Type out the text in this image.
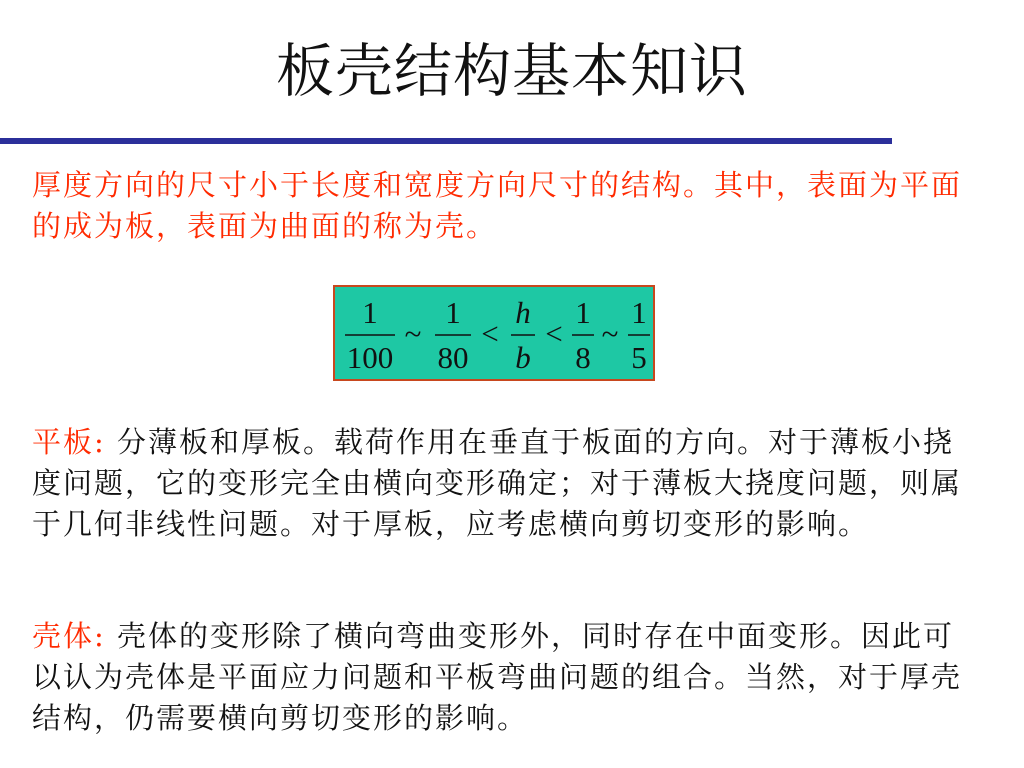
板壳结构基本知识
厚度方向的尺寸小于长度和宽度方向尺寸的结构。其中，表面为平面的成为板，表面为曲面的称为壳。
1
100
~
1
80
<
h
b
<
1
8
~
1
5
平板: 分薄板和厚板。载荷作用在垂直于板面的方向。对于薄板小挠度问题，它的变形完全由横向变形确定；对于薄板大挠度问题，则属于几何非线性问题。对于厚板，应考虑横向剪切变形的影响。
壳体: 壳体的变形除了横向弯曲变形外，同时存在中面变形。因此可以认为壳体是平面应力问题和平板弯曲问题的组合。当然，对于厚壳结构，仍需要横向剪切变形的影响。
